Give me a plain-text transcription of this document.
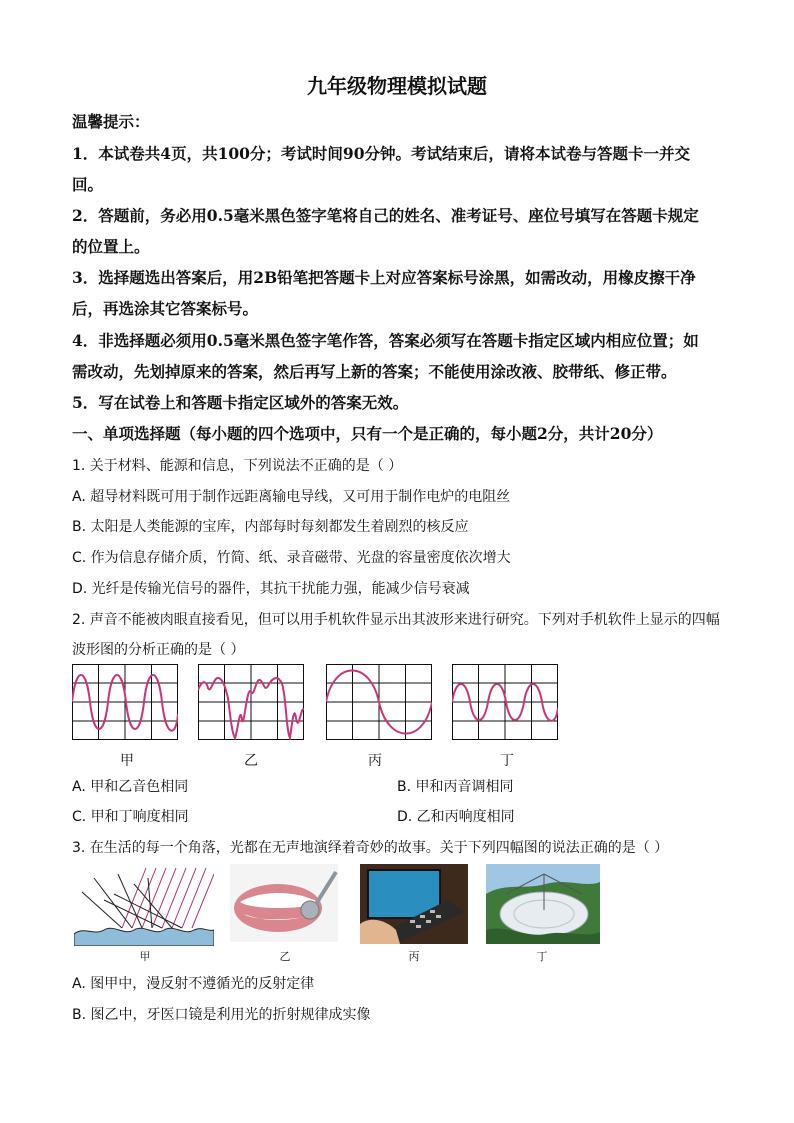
九年级物理模拟试题
温馨提示：
1．本试卷共4页，共100分；考试时间90分钟。考试结束后，请将本试卷与答题卡一并交
回。
2．答题前，务必用0.5毫米黑色签字笔将自己的姓名、准考证号、座位号填写在答题卡规定
的位置上。
3．选择题选出答案后，用2B铅笔把答题卡上对应答案标号涂黑，如需改动，用橡皮擦干净
后，再选涂其它答案标号。
4．非选择题必须用0.5毫米黑色签字笔作答，答案必须写在答题卡指定区域内相应位置；如
需改动，先划掉原来的答案，然后再写上新的答案；不能使用涂改液、胶带纸、修正带。
5．写在试卷上和答题卡指定区域外的答案无效。
一、单项选择题（每小题的四个选项中，只有一个是正确的，每小题2分，共计20分）
1. 关于材料、能源和信息，下列说法不正确的是（ ）
A. 超导材料既可用于制作远距离输电导线，又可用于制作电炉的电阻丝
B. 太阳是人类能源的宝库，内部每时每刻都发生着剧烈的核反应
C. 作为信息存储介质，竹简、纸、录音磁带、光盘的容量密度依次增大
D. 光纤是传输光信号的器件，其抗干扰能力强，能减少信号衰减
2. 声音不能被肉眼直接看见，但可以用手机软件显示出其波形来进行研究。下列对手机软件上显示的四幅
波形图的分析正确的是（ ）
甲	乙	丙	丁
A. 甲和乙音色相同	B. 甲和丙音调相同
C. 甲和丁响度相同	D. 乙和丙响度相同
3. 在生活的每一个角落，光都在无声地演绎着奇妙的故事。关于下列四幅图的说法正确的是（ ）
甲	乙	丙	丁
A. 图甲中，漫反射不遵循光的反射定律
B. 图乙中，牙医口镜是利用光的折射规律成实像
